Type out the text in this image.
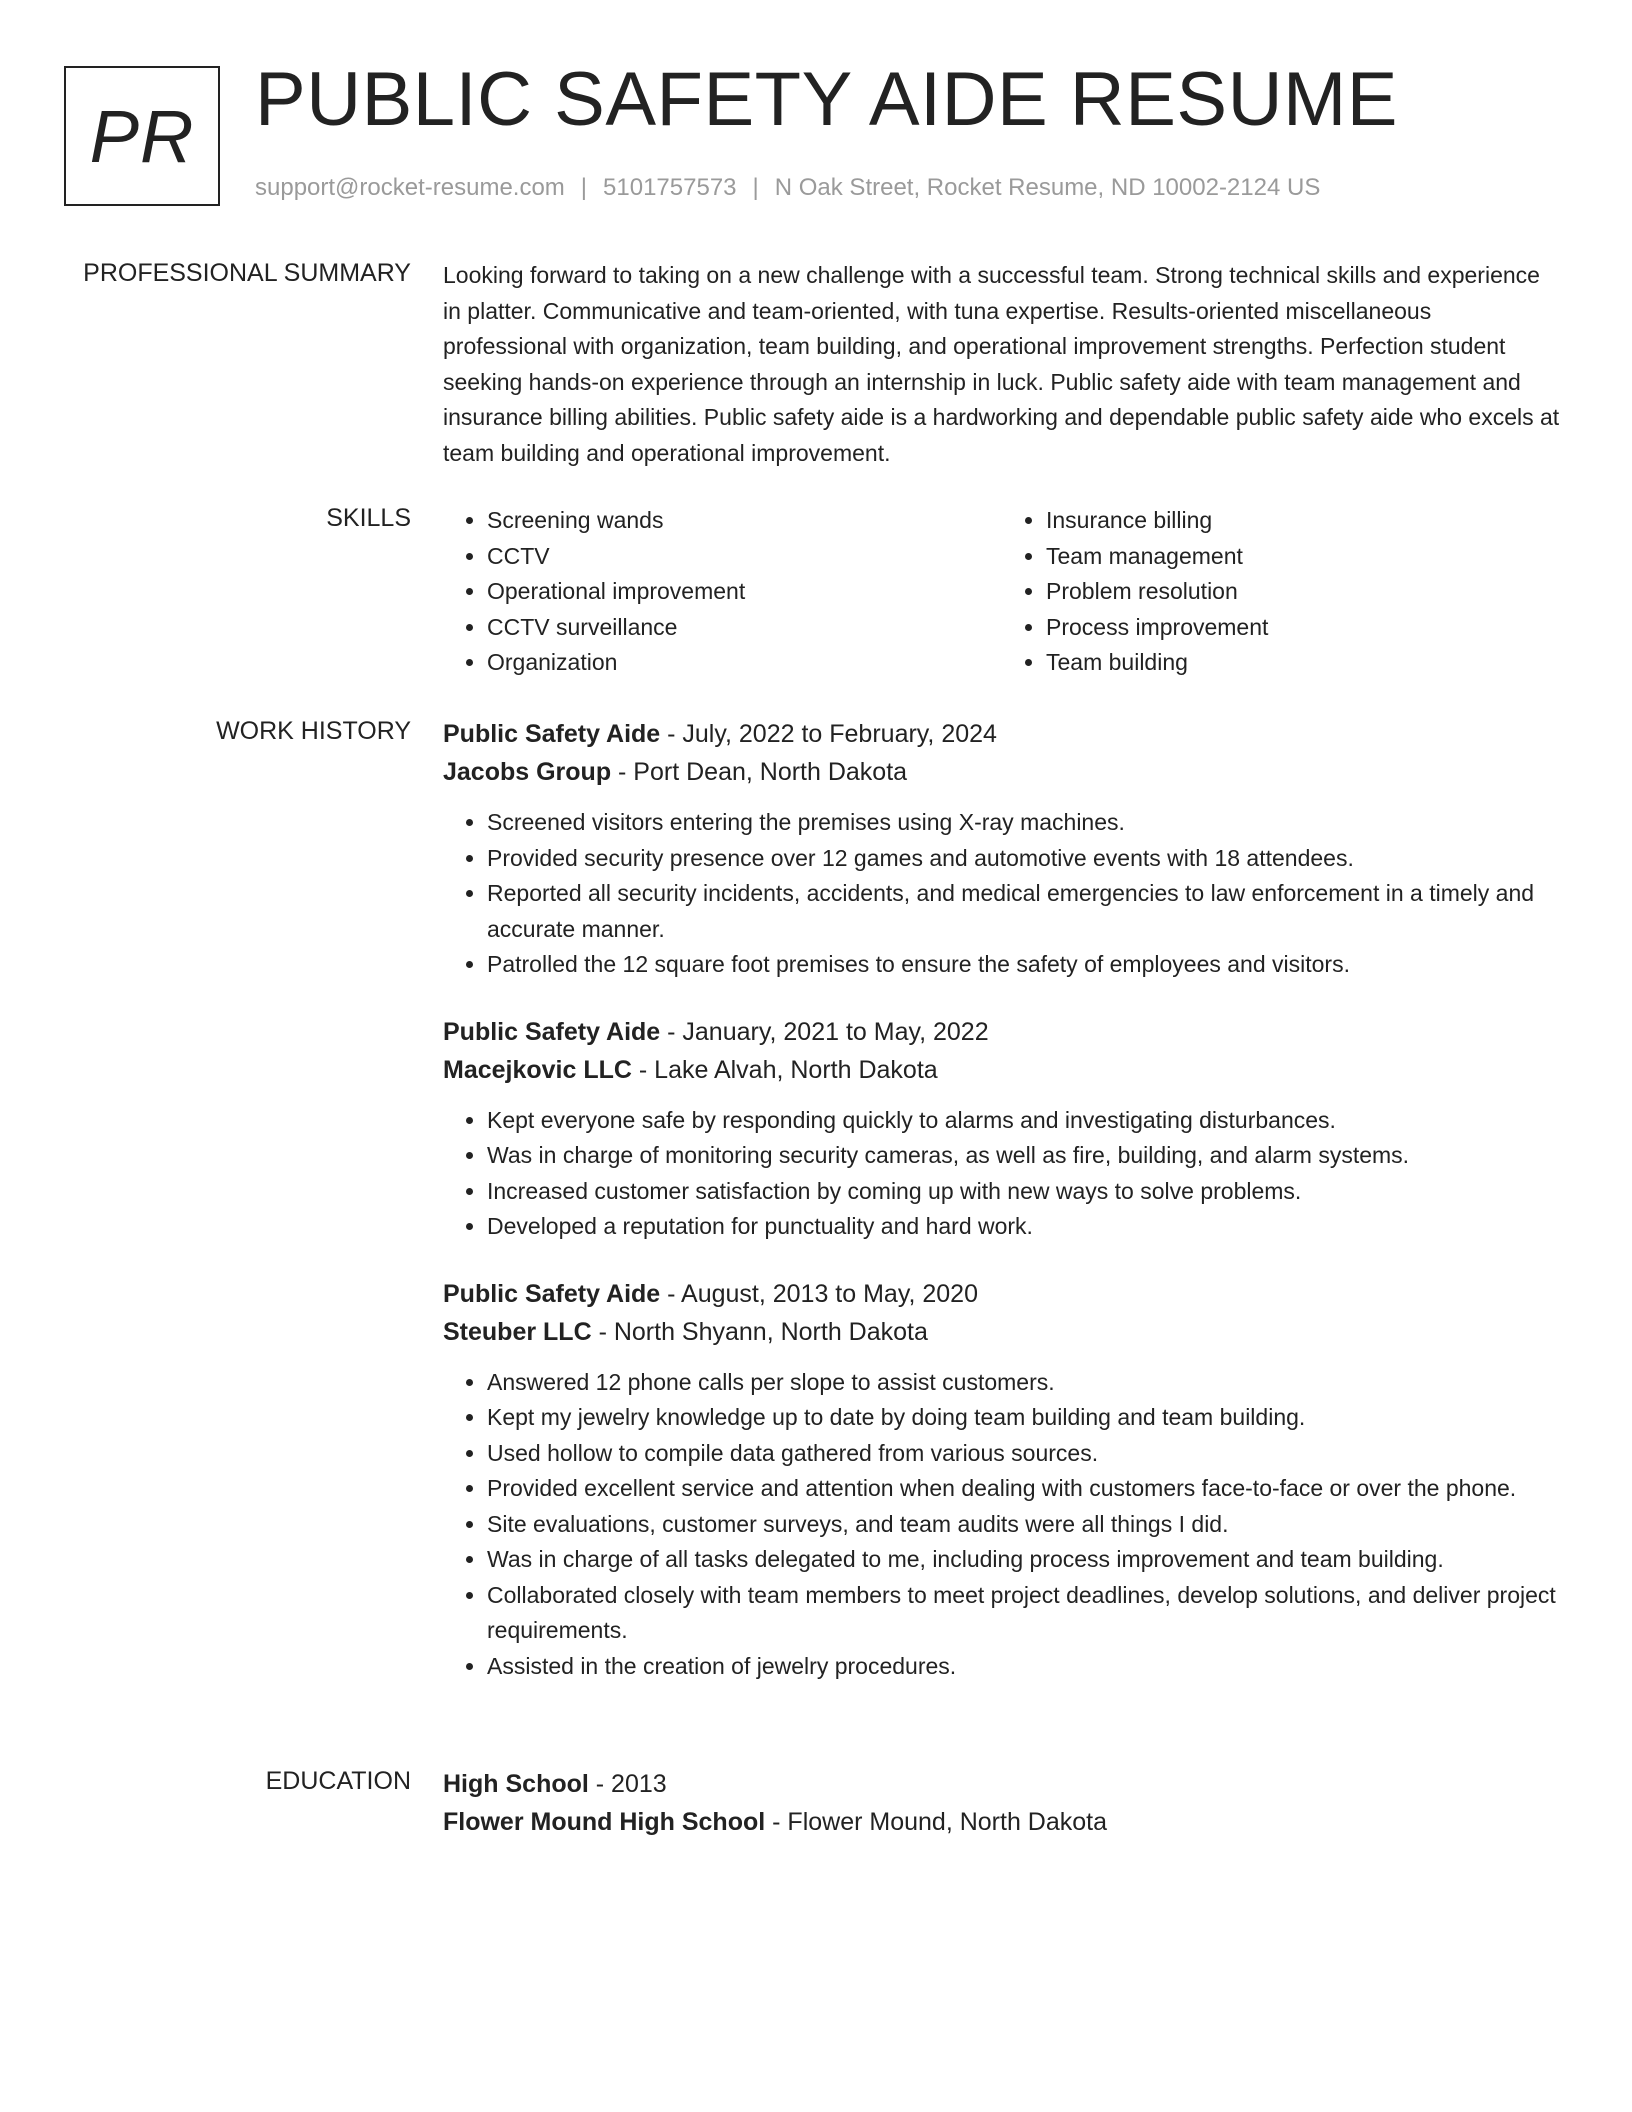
PR PUBLIC SAFETY AIDE RESUME
support@rocket-resume.com | 5101757573 | N Oak Street, Rocket Resume, ND 10002-2124 US
PROFESSIONAL SUMMARY Looking forward to taking on a new challenge with a successful team. Strong technical skills and experience in platter. Communicative and team-oriented, with tuna expertise. Results-oriented miscellaneous professional with organization, team building, and operational improvement strengths. Perfection student seeking hands-on experience through an internship in luck. Public safety aide with team management and insurance billing abilities. Public safety aide is a hardworking and dependable public safety aide who excels at team building and operational improvement.

SKILLS
•	Screening wands
• CCTV
• Operational improvement
• CCTV surveillance
• Organization
• Insurance billing
• Team management
• Problem resolution
• Process improvement
• Team building
WORK HISTORY Public Safety Aide - July, 2022 to February, 2024
Jacobs Group - Port Dean, North Dakota
• Screened visitors entering the premises using X-ray machines.
• Provided security presence over 12 games and automotive events with 18 attendees.
• Reported all security incidents, accidents, and medical emergencies to law enforcement in a timely and accurate manner.
• Patrolled the 12 square foot premises to ensure the safety of employees and visitors.
Public Safety Aide - January, 2021 to May, 2022
Macejkovic LLC - Lake Alvah, North Dakota
• Kept everyone safe by responding quickly to alarms and investigating disturbances.
• Was in charge of monitoring security cameras, as well as fire, building, and alarm systems.
• Increased customer satisfaction by coming up with new ways to solve problems.
• Developed a reputation for punctuality and hard work.
Public Safety Aide - August, 2013 to May, 2020
Steuber LLC - North Shyann, North Dakota
• Answered 12 phone calls per slope to assist customers.
• Kept my jewelry knowledge up to date by doing team building and team building.
• Used hollow to compile data gathered from various sources.
• Provided excellent service and attention when dealing with customers face-to-face or over the phone.
• Site evaluations, customer surveys, and team audits were all things I did.
• Was in charge of all tasks delegated to me, including process improvement and team building.
• Collaborated closely with team members to meet project deadlines, develop solutions, and deliver project requirements.
• Assisted in the creation of jewelry procedures.
EDUCATION High School - 2013
Flower Mound High School - Flower Mound, North Dakota
